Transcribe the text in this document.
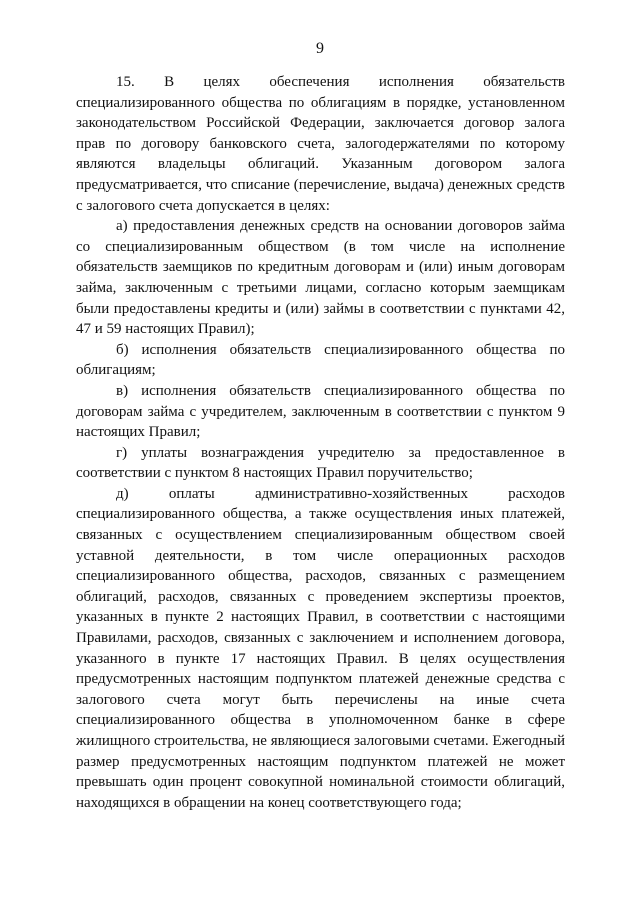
9

15. В целях обеспечения исполнения обязательств специализированного общества по облигациям в порядке, установленном законодательством Российской Федерации, заключается договор залога прав по договору банковского счета, залогодержателями по которому являются владельцы облигаций. Указанным договором залога предусматривается, что списание (перечисление, выдача) денежных средств с залогового счета допускается в целях:

а) предоставления денежных средств на основании договоров займа со специализированным обществом (в том числе на исполнение обязательств заемщиков по кредитным договорам и (или) иным договорам займа, заключенным с третьими лицами, согласно которым заемщикам были предоставлены кредиты и (или) займы в соответствии с пунктами 42, 47 и 59 настоящих Правил);

б) исполнения обязательств специализированного общества по облигациям;

в) исполнения обязательств специализированного общества по договорам займа с учредителем, заключенным в соответствии с пунктом 9 настоящих Правил;

г) уплаты вознаграждения учредителю за предоставленное в соответствии с пунктом 8 настоящих Правил поручительство;

д) оплаты административно-хозяйственных расходов специализированного общества, а также осуществления иных платежей, связанных с осуществлением специализированным обществом своей уставной деятельности, в том числе операционных расходов специализированного общества, расходов, связанных с размещением облигаций, расходов, связанных с проведением экспертизы проектов, указанных в пункте 2 настоящих Правил, в соответствии с настоящими Правилами, расходов, связанных с заключением и исполнением договора, указанного в пункте 17 настоящих Правил. В целях осуществления предусмотренных настоящим подпунктом платежей денежные средства с залогового счета могут быть перечислены на иные счета специализированного общества в уполномоченном банке в сфере жилищного строительства, не являющиеся залоговыми счетами. Ежегодный размер предусмотренных настоящим подпунктом платежей не может превышать один процент совокупной номинальной стоимости облигаций, находящихся в обращении на конец соответствующего года;
